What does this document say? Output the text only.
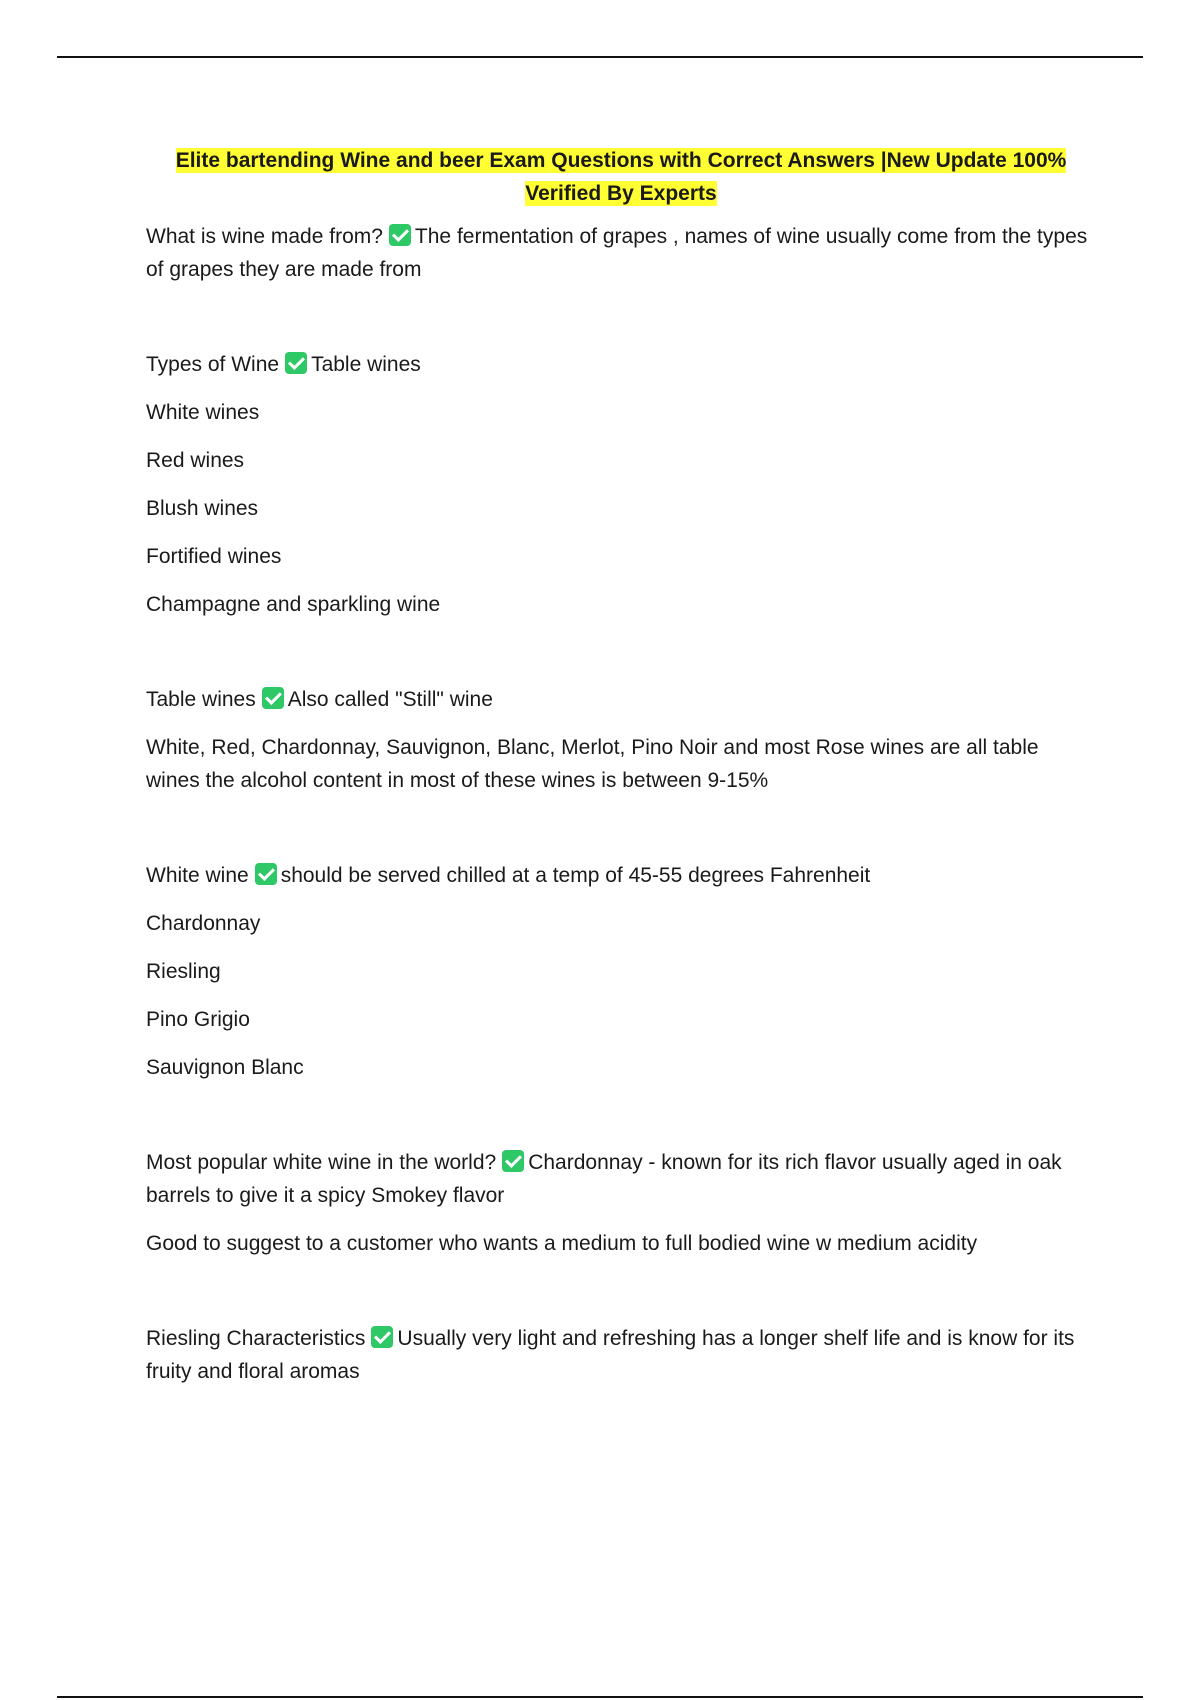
Elite bartending Wine and beer Exam Questions with Correct Answers |New Update 100%
Verified By Experts

What is wine made from? The fermentation of grapes , names of wine usually come from the types of grapes they are made from

Types of Wine Table wines

White wines

Red wines

Blush wines

Fortified wines

Champagne and sparkling wine

Table wines Also called "Still" wine

White, Red, Chardonnay, Sauvignon, Blanc, Merlot, Pino Noir and most Rose wines are all table wines the alcohol content in most of these wines is between 9-15%

White wine should be served chilled at a temp of 45-55 degrees Fahrenheit

Chardonnay

Riesling

Pino Grigio

Sauvignon Blanc

Most popular white wine in the world? Chardonnay - known for its rich flavor usually aged in oak barrels to give it a spicy Smokey flavor

Good to suggest to a customer who wants a medium to full bodied wine w medium acidity

Riesling Characteristics Usually very light and refreshing has a longer shelf life and is know for its fruity and floral aromas
